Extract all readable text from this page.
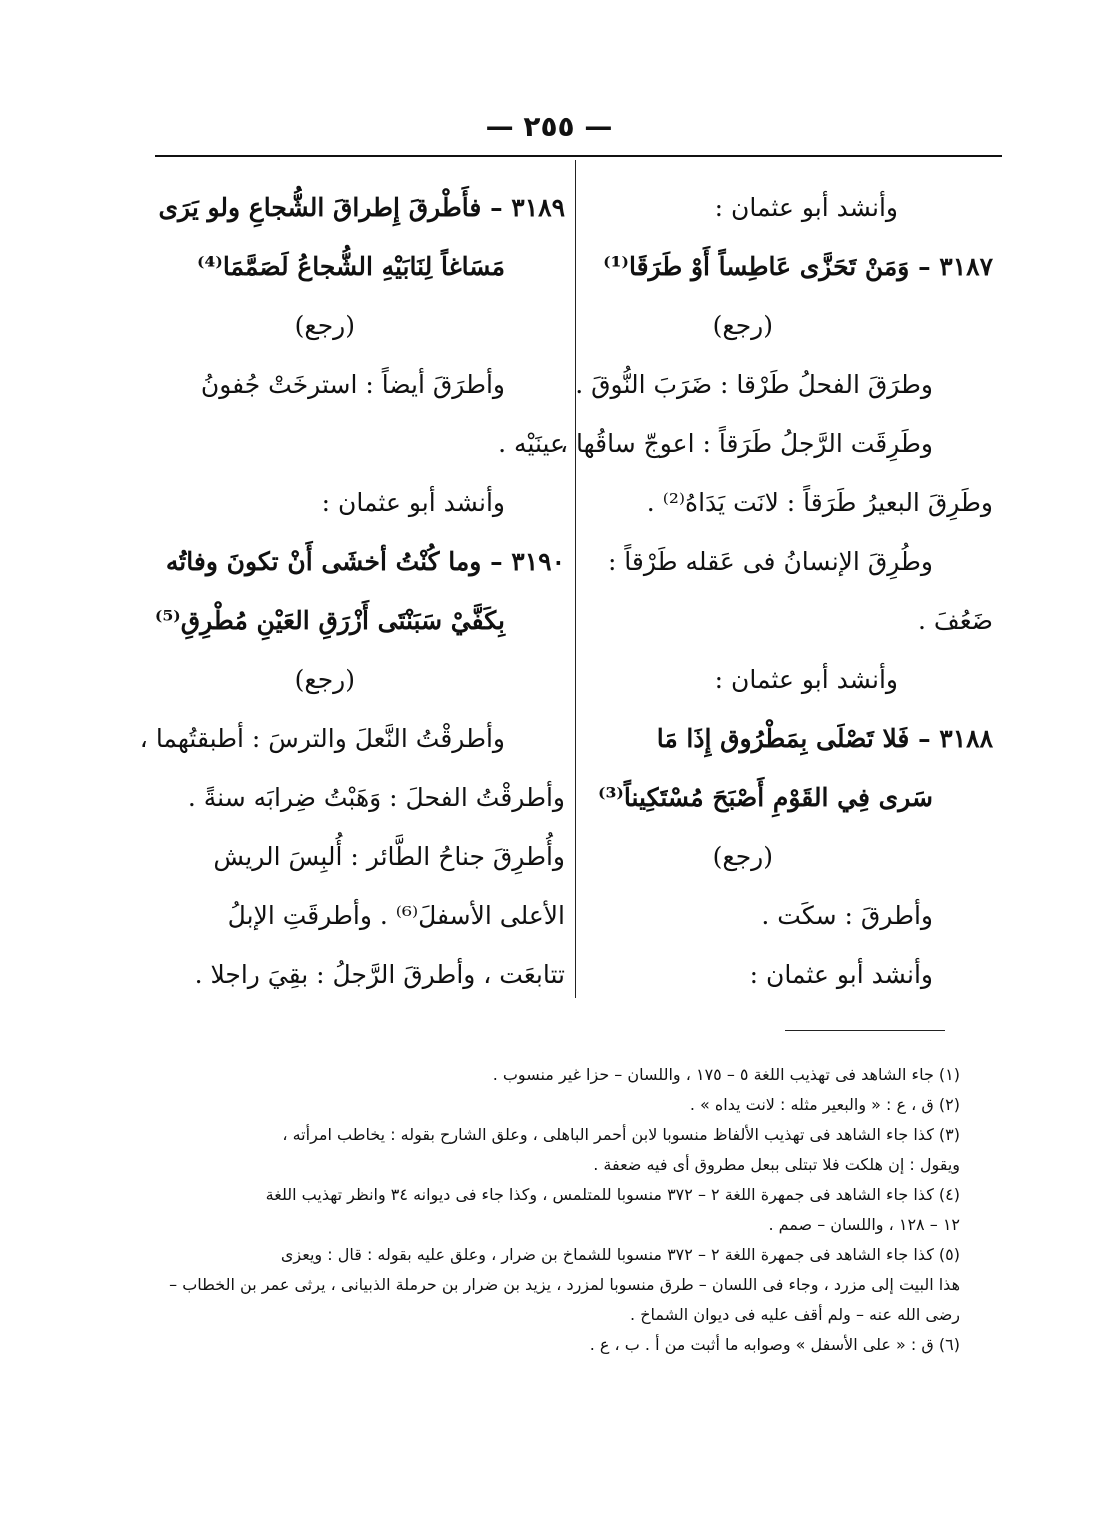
— ٢٥٥ —
وأنشد أبو عثمان :
٣١٨٧ – وَمَنْ تَحَزَّى عَاطِساً أَوْ طَرَقَا⁽¹⁾
(رجع)
وطرَقَ الفحلُ طَرْقا : ضَرَبَ النُّوقَ .
وطَرِقَت الرَّجلُ طَرَقاً : اعوجّ ساقُها ،
وطَرِقَ البعيرُ طَرَقاً : لانَت يَدَاهُ⁽²⁾ .
وطُرِقَ الإنسانُ فى عَقله طَرْقاً :
ضَعُفَ .
وأنشد أبو عثمان :
٣١٨٨ – فَلا تَصْلَى بِمَطْرُوق إِذَا مَا
سَرى فِي القَوْمِ أَصْبَحَ مُسْتَكِيناً⁽³⁾
(رجع)
وأطرقَ : سكَت .
وأنشد أبو عثمان :
٣١٨٩ – فأَطْرقَ إِطراقَ الشُّجاعِ ولو يَرَى
مَسَاغاً لِنَابَيْهِ الشُّجاعُ لَصَمَّمَا⁽⁴⁾
(رجع)
وأطرَقَ أيضاً : استرخَتْ جُفونُ
عينَيْه .
وأنشد أبو عثمان :
٣١٩٠ – وما كُنْتُ أخشَى أَنْ تكونَ وفاتُه
بِكَفَّيْ سَبَنْتَى أَزْرَقِ العَيْنِ مُطْرِقِ⁽⁵⁾
(رجع)
وأطرقْتُ النَّعلَ والترسَ : أطبقتُهما ،
وأطرقْتُ الفحلَ : وَهَبْتُ ضِرابَه سنةً .
وأُطرِقَ جناحُ الطَّائر : أُلبِسَ الريش
الأعلى الأسفلَ⁽⁶⁾ . وأطرقَتِ الإبلُ
تتابعَت ، وأطرقَ الرَّجلُ : بقِيَ راجلا .
(١) جاء الشاهد فى تهذيب اللغة ٥ – ١٧٥ ، واللسان – حزا غير منسوب .
(٢) ق ، ع : « والبعير مثله : لانت يداه » .
(٣) كذا جاء الشاهد فى تهذيب الألفاظ منسوبا لابن أحمر الباهلى ، وعلق الشارح بقوله : يخاطب امرأته ،
ويقول : إن هلكت فلا تبتلى ببعل مطروق أى فيه ضعفة .
(٤) كذا جاء الشاهد فى جمهرة اللغة ٢ – ٣٧٢ منسوبا للمتلمس ، وكذا جاء فى ديوانه ٣٤ وانظر تهذيب اللغة
١٢ – ١٢٨ ، واللسان – صمم .
(٥) كذا جاء الشاهد فى جمهرة اللغة ٢ – ٣٧٢ منسوبا للشماخ بن ضرار ، وعلق عليه بقوله : قال : ويعزى
هذا البيت إلى مزرد ، وجاء فى اللسان – طرق منسوبا لمزرد ، يزيد بن ضرار بن حرملة الذبيانى ، يرثى عمر بن الخطاب –
رضى الله عنه – ولم أقف عليه فى ديوان الشماخ .
(٦) ق : « على الأسفل » وصوابه ما أثبت من أ . ب ، ع .
